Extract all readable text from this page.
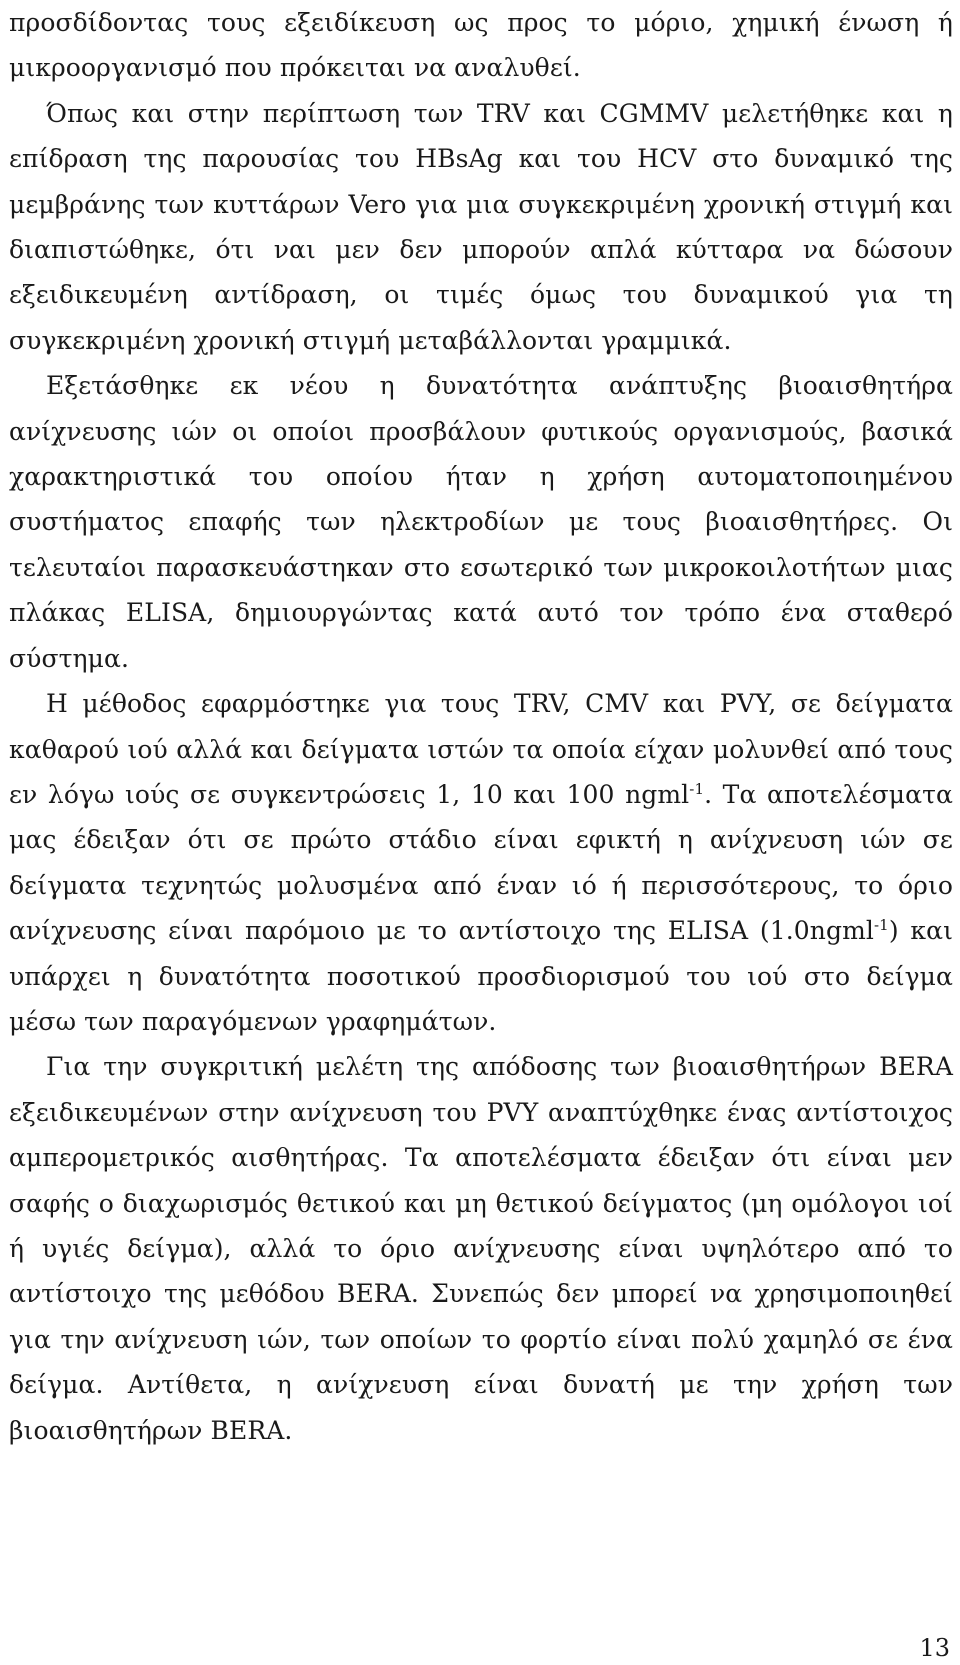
προσδίδοντας τους εξειδίκευση ως προς το μόριο, χημική ένωση ή μικροοργανισμό που πρόκειται να αναλυθεί.

Όπως και στην περίπτωση των TRV και CGMMV μελετήθηκε και η επίδραση της παρουσίας του HBsAg και του HCV στο δυναμικό της μεμβράνης των κυττάρων Vero για μια συγκεκριμένη χρονική στιγμή και διαπιστώθηκε, ότι ναι μεν δεν μπορούν απλά κύτταρα να δώσουν εξειδικευμένη αντίδραση, οι τιμές όμως του δυναμικού για τη συγκεκριμένη χρονική στιγμή μεταβάλλονται γραμμικά.

Εξετάσθηκε εκ νέου η δυνατότητα ανάπτυξης βιοαισθητήρα ανίχνευσης ιών οι οποίοι προσβάλουν φυτικούς οργανισμούς, βασικά χαρακτηριστικά του οποίου ήταν η χρήση αυτοματοποιημένου συστήματος επαφής των ηλεκτροδίων με τους βιοαισθητήρες. Οι τελευταίοι παρασκευάστηκαν στο εσωτερικό των μικροκοιλοτήτων μιας πλάκας ELISA, δημιουργώντας κατά αυτό τον τρόπο ένα σταθερό σύστημα.

Η μέθοδος εφαρμόστηκε για τους TRV, CMV και PVY, σε δείγματα καθαρού ιού αλλά και δείγματα ιστών τα οποία είχαν μολυνθεί από τους εν λόγω ιούς σε συγκεντρώσεις 1, 10 και 100 ngml$^{-1}$. Τα αποτελέσματα μας έδειξαν ότι σε πρώτο στάδιο είναι εφικτή η ανίχνευση ιών σε δείγματα τεχνητώς μολυσμένα από έναν ιό ή περισσότερους, το όριο ανίχνευσης είναι παρόμοιο με το αντίστοιχο της ELISA (1.0ngml$^{-1}$) και υπάρχει η δυνατότητα ποσοτικού προσδιορισμού του ιού στο δείγμα μέσω των παραγόμενων γραφημάτων.

Για την συγκριτική μελέτη της απόδοσης των βιοαισθητήρων BERA εξειδικευμένων στην ανίχνευση του PVY αναπτύχθηκε ένας αντίστοιχος αμπερομετρικός αισθητήρας. Τα αποτελέσματα έδειξαν ότι είναι μεν σαφής ο διαχωρισμός θετικού και μη θετικού δείγματος (μη ομόλογοι ιοί ή υγιές δείγμα), αλλά το όριο ανίχνευσης είναι υψηλότερο από το αντίστοιχο της μεθόδου BERA. Συνεπώς δεν μπορεί να χρησιμοποιηθεί για την ανίχνευση ιών, των οποίων το φορτίο είναι πολύ χαμηλό σε ένα δείγμα. Αντίθετα, η ανίχνευση είναι δυνατή με την χρήση των βιοαισθητήρων BERA.

13
